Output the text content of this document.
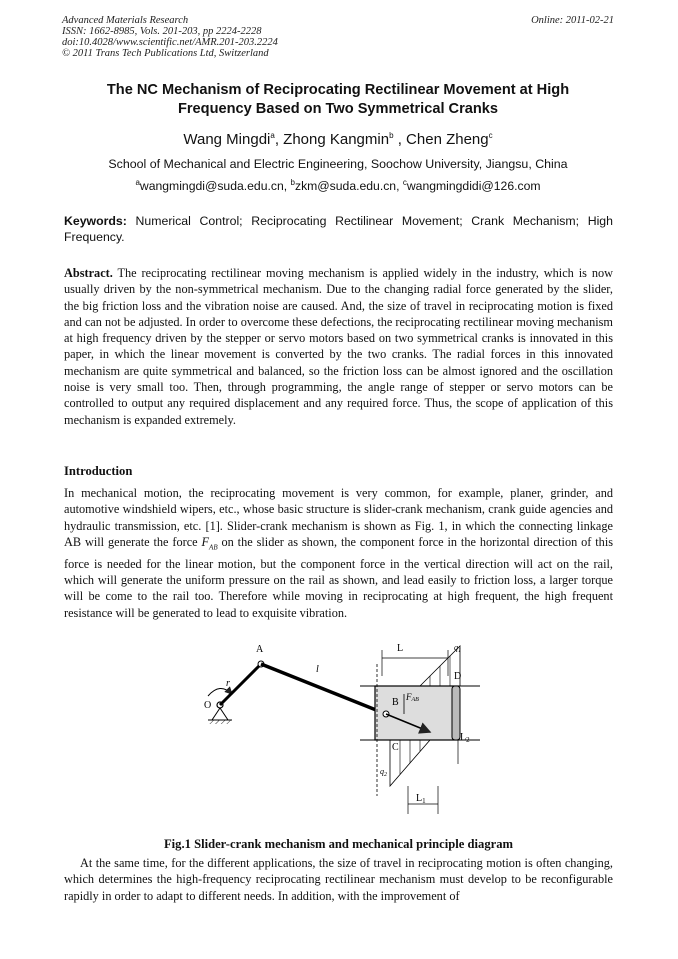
Advanced Materials Research
ISSN: 1662-8985, Vols. 201-203, pp 2224-2228
doi:10.4028/www.scientific.net/AMR.201-203.2224
© 2011 Trans Tech Publications Ltd, Switzerland
Online: 2011-02-21
The NC Mechanism of Reciprocating Rectilinear Movement at High
Frequency Based on Two Symmetrical Cranks
Wang Mingdi$^a$, Zhong Kangmin$^b$ , Chen Zheng$^c$
School of Mechanical and Electric Engineering, Soochow University, Jiangsu, China
$^a$wangmingdi@suda.edu.cn, $^b$zkm@suda.edu.cn, $^c$wangmingdidi@126.com
Keywords: Numerical Control; Reciprocating Rectilinear Movement; Crank Mechanism; High Frequency.
Abstract. The reciprocating rectilinear moving mechanism is applied widely in the industry, which is now usually driven by the non-symmetrical mechanism. Due to the changing radial force generated by the slider, the big friction loss and the vibration noise are caused. And, the size of travel in reciprocating motion is fixed and can not be adjusted. In order to overcome these defections, the reciprocating rectilinear moving mechanism at high frequency driven by the stepper or servo motors based on two symmetrical cranks is innovated in this paper, in which the linear movement is converted by the two cranks. The radial forces in this innovated mechanism are quite symmetrical and balanced, so the friction loss can be almost ignored and the oscillation noise is very small too. Then, through programming, the angle range of stepper or servo motors can be controlled to output any required displacement and any required force. Thus, the scope of application of this mechanism is expanded extremely.
Introduction
In mechanical motion, the reciprocating movement is very common, for example, planer, grinder, and automotive windshield wipers, etc., whose basic structure is slider-crank mechanism, crank guide agencies and hydraulic transmission, etc. [1]. Slider-crank mechanism is shown as Fig. 1, in which the connecting linkage AB will generate the force $F_{AB}$ on the slider as shown, the component force in the horizontal direction of this force is needed for the linear motion, but the component force in the vertical direction will act on the rail, which will generate the uniform pressure on the rail as shown, and lead easily to friction loss, a larger torque will be come to the rail too. Therefore while moving in reciprocating at high frequent, the high frequent resistance will be generated to lead to exquisite vibration.
A
O	B
C
D
r
l
L
$L_2$
$L_1$
$q_1$
$q_2$
FAB
Fig.1 Slider-crank mechanism and mechanical principle diagram
At the same time, for the different applications, the size of travel in reciprocating motion is often changing, which determines the high-frequency reciprocating rectilinear mechanism must develop to be reconfigurable rapidly in order to adapt to different needs. In addition, with the improvement of
